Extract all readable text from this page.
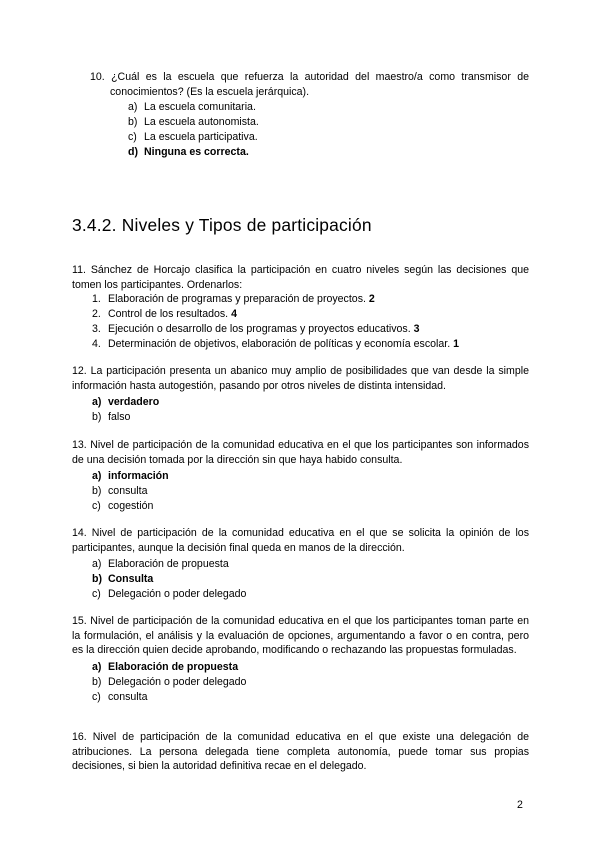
10. ¿Cuál es la escuela que refuerza la autoridad del maestro/a como transmisor de conocimientos? (Es la escuela jerárquica).

a) La escuela comunitaria.
b) La escuela autonomista.
c) La escuela participativa.
d) Ninguna es correcta.
3.4.2. Niveles y Tipos de participación

11. Sánchez de Horcajo clasifica la participación en cuatro niveles según las decisiones que tomen los participantes. Ordenarlos:

1. Elaboración de programas y preparación de proyectos. 2
2. Control de los resultados. 4
3. Ejecución o desarrollo de los programas y proyectos educativos. 3
4. Determinación de objetivos, elaboración de políticas y economía escolar. 1

12. La participación presenta un abanico muy amplio de posibilidades que van desde la simple información hasta autogestión, pasando por otros niveles de distinta intensidad.

a) verdadero
b) falso

13. Nivel de participación de la comunidad educativa en el que los participantes son informados de una decisión tomada por la dirección sin que haya habido consulta.

a) información
b) consulta
c) cogestión

14. Nivel de participación de la comunidad educativa en el que se solicita la opinión de los participantes, aunque la decisión final queda en manos de la dirección.

a) Elaboración de propuesta
b) Consulta
c) Delegación o poder delegado

15. Nivel de participación de la comunidad educativa en el que los participantes toman parte en la formulación, el análisis y la evaluación de opciones, argumentando a favor o en contra, pero es la dirección quien decide aprobando, modificando o rechazando las propuestas formuladas.

a) Elaboración de propuesta
b) Delegación o poder delegado
c) consulta

16. Nivel de participación de la comunidad educativa en el que existe una delegación de atribuciones. La persona delegada tiene completa autonomía, puede tomar sus propias decisiones, si bien la autoridad definitiva recae en el delegado.

2
